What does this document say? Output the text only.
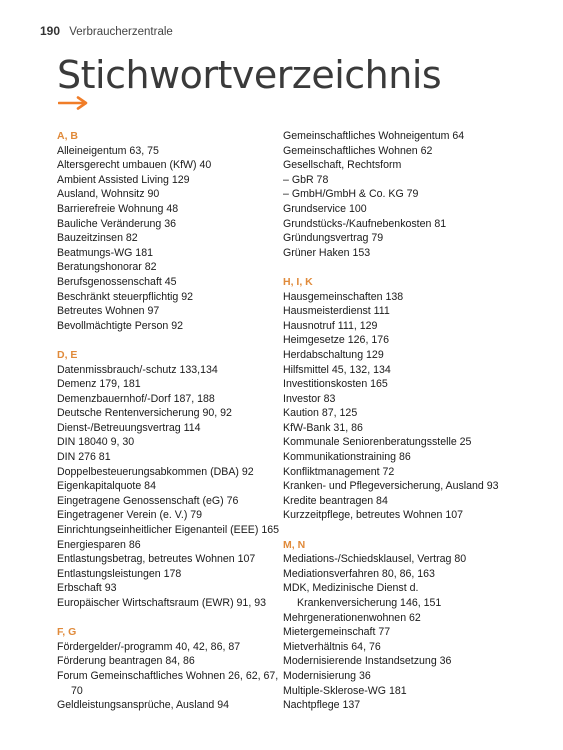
190 Verbraucherzentrale
Stichwortverzeichnis
A, B
Alleineigentum 63, 75
Altersgerecht umbauen (KfW) 40
Ambient Assisted Living 129
Ausland, Wohnsitz 90
Barrierefreie Wohnung 48
Bauliche Veränderung 36
Bauzeitzinsen 82
Beatmungs-WG 181
Beratungshonorar 82
Berufsgenossenschaft 45
Beschränkt steuerpflichtig 92
Betreutes Wohnen 97
Bevollmächtigte Person 92
D, E
Datenmissbrauch/-schutz 133,134
Demenz 179, 181
Demenzbauernhof/-Dorf 187, 188
Deutsche Rentenversicherung 90, 92
Dienst-/Betreuungsvertrag 114
DIN 18040 9, 30
DIN 276 81
Doppelbesteuerungsabkommen (DBA) 92
Eigenkapitalquote 84
Eingetragene Genossenschaft (eG) 76
Eingetragener Verein (e. V.) 79
Einrichtungseinheitlicher Eigenanteil (EEE) 165
Energiesparen 86
Entlastungsbetrag, betreutes Wohnen 107
Entlastungsleistungen 178
Erbschaft 93
Europäischer Wirtschaftsraum (EWR) 91, 93
F, G
Fördergelder/-programm 40, 42, 86, 87
Förderung beantragen 84, 86
Forum Gemeinschaftliches Wohnen 26, 62, 67,
70
Geldleistungsansprüche, Ausland 94
Gemeinschaftliches Wohneigentum 64
Gemeinschaftliches Wohnen 62
Gesellschaft, Rechtsform
– GbR 78
– GmbH/GmbH & Co. KG 79
Grundservice 100
Grundstücks-/Kaufnebenkosten 81
Gründungsvertrag 79
Grüner Haken 153
H, I, K
Hausgemeinschaften 138
Hausmeisterdienst 111
Hausnotruf 111, 129
Heimgesetze 126, 176
Herdabschaltung 129
Hilfsmittel 45, 132, 134
Investitionskosten 165
Investor 83
Kaution 87, 125
KfW-Bank 31, 86
Kommunale Seniorenberatungsstelle 25
Kommunikationstraining 86
Konfliktmanagement 72
Kranken- und Pflegeversicherung, Ausland 93
Kredite beantragen 84
Kurzzeitpflege, betreutes Wohnen 107
M, N
Mediations-/Schiedsklausel, Vertrag 80
Mediationsverfahren 80, 86, 163
MDK, Medizinische Dienst d.
Krankenversicherung 146, 151
Mehrgenerationenwohnen 62
Mietergemeinschaft 77
Mietverhältnis 64, 76
Modernisierende Instandsetzung 36
Modernisierung 36
Multiple-Sklerose-WG 181
Nachtpflege 137
